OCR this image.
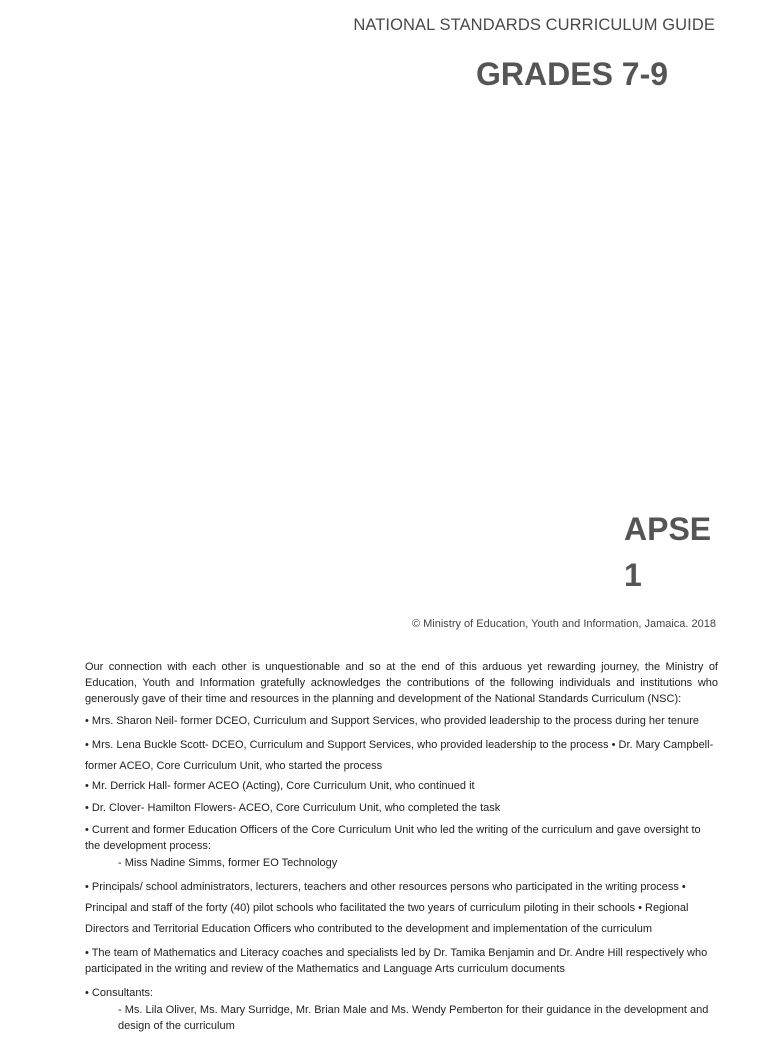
NATIONAL STANDARDS CURRICULUM GUIDE
GRADES 7-9
APSE
1
© Ministry of Education, Youth and Information, Jamaica. 2018

Our connection with each other is unquestionable and so at the end of this arduous yet rewarding journey, the Ministry of Education, Youth and Information gratefully acknowledges the contributions of the following individuals and institutions who generously gave of their time and resources in the planning and development of the National Standards Curriculum (NSC):

• Mrs. Sharon Neil- former DCEO, Curriculum and Support Services, who provided leadership to the process during her tenure

• Mrs. Lena Buckle Scott- DCEO, Curriculum and Support Services, who provided leadership to the process • Dr. Mary Campbell- former ACEO, Core Curriculum Unit, who started the process

• Mr. Derrick Hall- former ACEO (Acting), Core Curriculum Unit, who continued it

• Dr. Clover- Hamilton Flowers- ACEO, Core Curriculum Unit, who completed the task

• Current and former Education Officers of the Core Curriculum Unit who led the writing of the curriculum and gave oversight to the development process:

- Miss Nadine Simms, former EO Technology

• Principals/ school administrators, lecturers, teachers and other resources persons who participated in the writing process • Principal and staff of the forty (40) pilot schools who facilitated the two years of curriculum piloting in their schools • Regional Directors and Territorial Education Officers who contributed to the development and implementation of the curriculum

• The team of Mathematics and Literacy coaches and specialists led by Dr. Tamika Benjamin and Dr. Andre Hill respectively who participated in the writing and review of the Mathematics and Language Arts curriculum documents

• Consultants:

- Ms. Lila Oliver, Ms. Mary Surridge, Mr. Brian Male and Ms. Wendy Pemberton for their guidance in the development and design of the curriculum
